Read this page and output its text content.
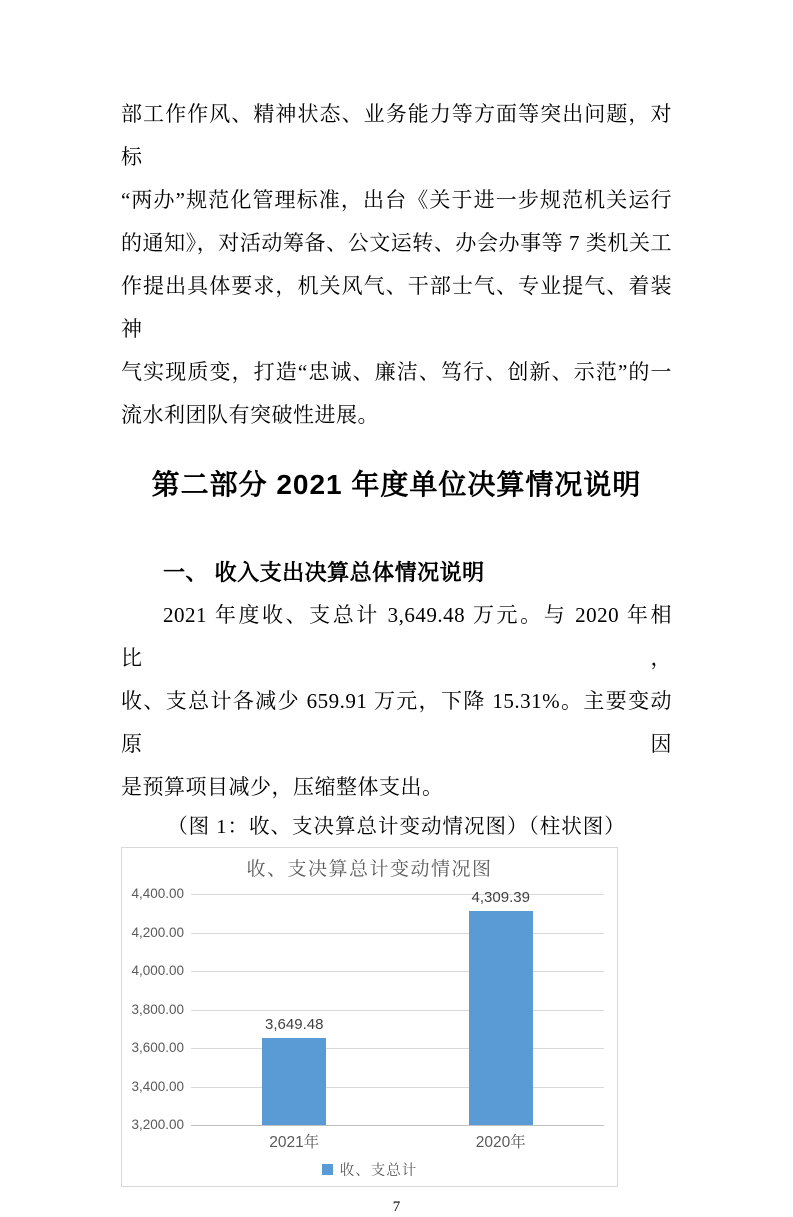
部工作作风、精神状态、业务能力等方面等突出问题，对标
“两办”规范化管理标准，出台《关于进一步规范机关运行
的通知》，对活动筹备、公文运转、办会办事等 7 类机关工
作提出具体要求，机关风气、干部士气、专业提气、着装神
气实现质变，打造“忠诚、廉洁、笃行、创新、示范”的一
流水利团队有突破性进展。

第二部分 2021 年度单位决算情况说明
一、 收入支出决算总体情况说明

2021 年度收、支总计 3,649.48 万元。与 2020 年相比，
收、支总计各减少 659.91 万元，下降 15.31%。主要变动原因
是预算项目减少，压缩整体支出。

（图 1：收、支决算总计变动情况图）（柱状图）

收、支决算总计变动情况图
收、支总计
4,400.00
4,200.00
4,000.00
3,800.00
3,600.00
3,400.00
3,200.00
3,649.48
2021年
4,309.39
2020年
7
